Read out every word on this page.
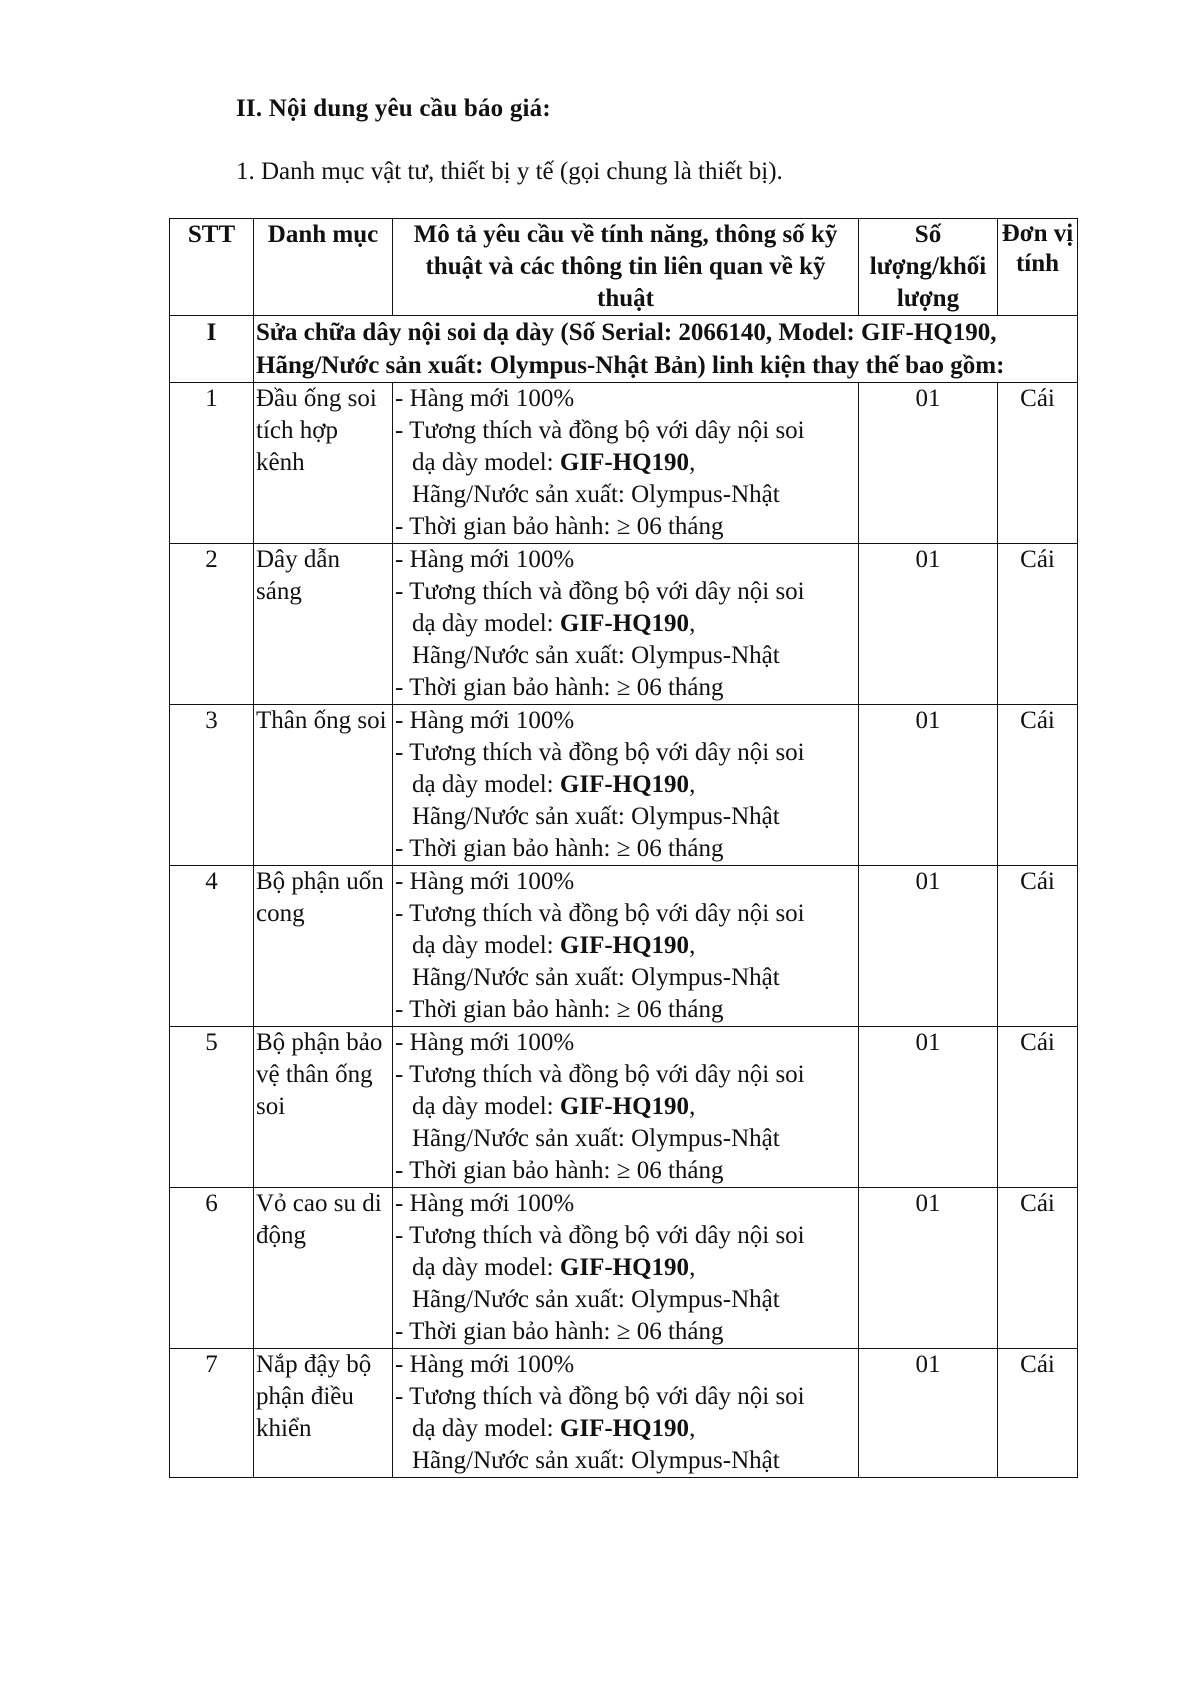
II. Nội dung yêu cầu báo giá:
1. Danh mục vật tư, thiết bị y tế (gọi chung là thiết bị).
STT	Danh mục	Mô tả yêu cầu về tính năng, thông số kỹ thuật và các thông tin liên quan về kỹ thuật	Số lượng/khối lượng	Đơn vị tính
I	Sửa chữa dây nội soi dạ dày (Số Serial: 2066140, Model: GIF-HQ190, Hãng/Nước sản xuất: Olympus-Nhật Bản) linh kiện thay thế bao gồm:			
1	Đầu ống soi tích hợp kênh	- Hàng mới 100%
- Tương thích và đồng bộ với dây nội soi
dạ dày model: GIF-HQ190,
Hãng/Nước sản xuất: Olympus-Nhật
- Thời gian bảo hành: ≥ 06 tháng	01	Cái
2	Dây dẫn sáng	- Hàng mới 100%
- Tương thích và đồng bộ với dây nội soi
dạ dày model: GIF-HQ190,
Hãng/Nước sản xuất: Olympus-Nhật
- Thời gian bảo hành: ≥ 06 tháng	01	Cái
3	Thân ống soi	- Hàng mới 100%
- Tương thích và đồng bộ với dây nội soi
dạ dày model: GIF-HQ190,
Hãng/Nước sản xuất: Olympus-Nhật
- Thời gian bảo hành: ≥ 06 tháng	01	Cái
4	Bộ phận uốn cong	- Hàng mới 100%
- Tương thích và đồng bộ với dây nội soi
dạ dày model: GIF-HQ190,
Hãng/Nước sản xuất: Olympus-Nhật
- Thời gian bảo hành: ≥ 06 tháng	01	Cái
5	Bộ phận bảo vệ thân ống soi	- Hàng mới 100%
- Tương thích và đồng bộ với dây nội soi
dạ dày model: GIF-HQ190,
Hãng/Nước sản xuất: Olympus-Nhật
- Thời gian bảo hành: ≥ 06 tháng	01	Cái
6	Vỏ cao su di động	- Hàng mới 100%
- Tương thích và đồng bộ với dây nội soi
dạ dày model: GIF-HQ190,
Hãng/Nước sản xuất: Olympus-Nhật
- Thời gian bảo hành: ≥ 06 tháng	01	Cái
7	Nắp đậy bộ phận điều khiển	- Hàng mới 100%
- Tương thích và đồng bộ với dây nội soi
dạ dày model: GIF-HQ190,
Hãng/Nước sản xuất: Olympus-Nhật	01	Cái
